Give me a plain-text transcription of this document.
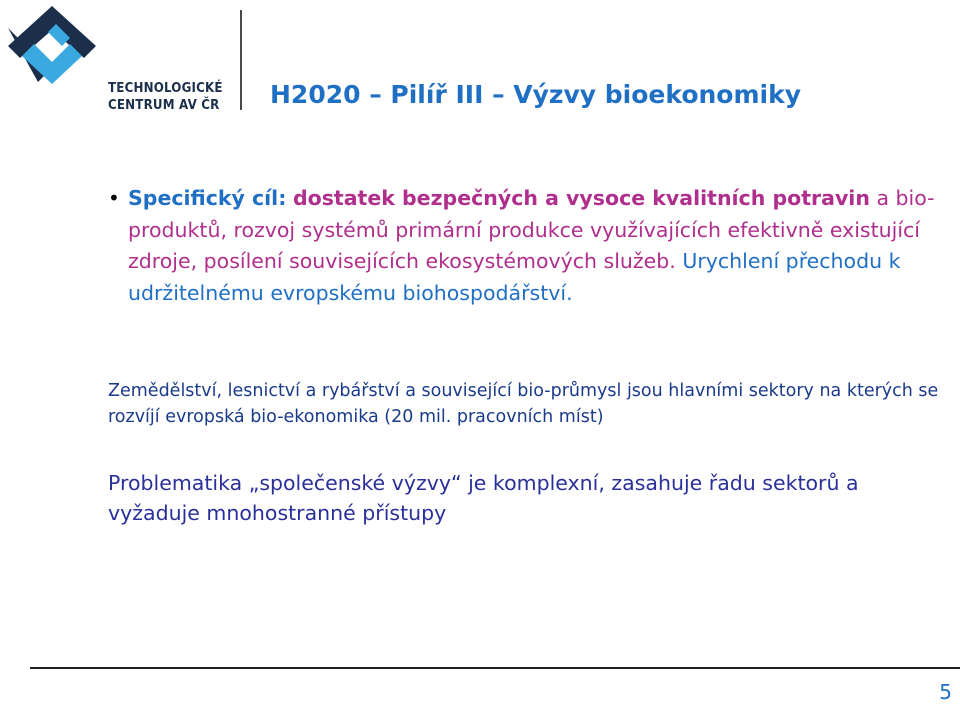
TECHNOLOGICKÉ
CENTRUM AV ČR H2020 – Pilíř III – Výzvy bioekonomiky
• Specifický cíl: dostatek bezpečných a vysoce kvalitních potravin a bio-produktů, rozvoj systémů primární produkce využívajících efektivně existující zdroje, posílení souvisejících ekosystémových služeb. Urychlení přechodu k udržitelnému evropskému biohospodářství.
Zemědělství, lesnictví a rybářství a související bio-průmysl jsou hlavními sektory na kterých se rozvíjí evropská bio-ekonomika (20 mil. pracovních míst)
Problematika „společenské výzvy“ je komplexní, zasahuje řadu sektorů a vyžaduje mnohostranné přístupy
5
